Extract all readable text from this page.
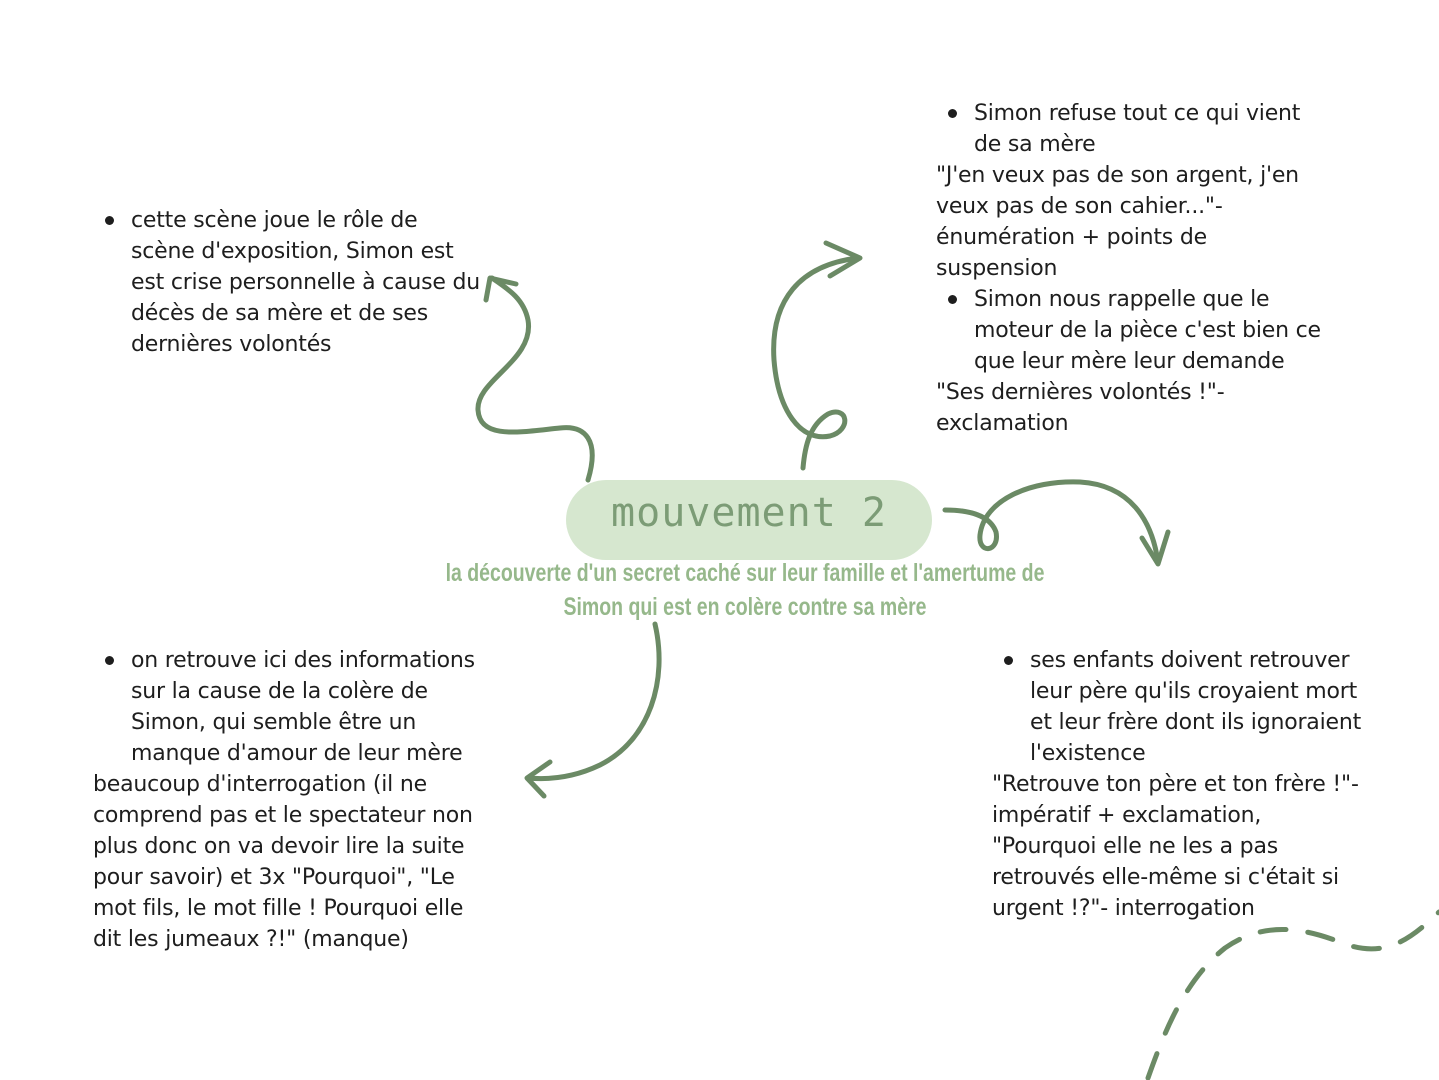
mouvement 2
la découverte d'un secret caché sur leur famille et l'amertume de Simon qui est en colère contre sa mère
cette scène joue le rôle de scène d'exposition, Simon est est crise personnelle à cause du décès de sa mère et de ses dernières volontés
Simon refuse tout ce qui vient de sa mère
"J'en veux pas de son argent, j'en veux pas de son cahier..."- énumération + points de suspension
Simon nous rappelle que le moteur de la pièce c'est bien ce que leur mère leur demande
"Ses dernières volontés !"- exclamation
on retrouve ici des informations sur la cause de la colère de Simon, qui semble être un manque d'amour de leur mère
beaucoup d'interrogation (il ne comprend pas et le spectateur non plus donc on va devoir lire la suite pour savoir) et 3x "Pourquoi", "Le mot fils, le mot fille ! Pourquoi elle dit les jumeaux ?!" (manque)
ses enfants doivent retrouver leur père qu'ils croyaient mort et leur frère dont ils ignoraient l'existence
"Retrouve ton père et ton frère !"- impératif + exclamation, "Pourquoi elle ne les a pas retrouvés elle-même si c'était si urgent !?"- interrogation
